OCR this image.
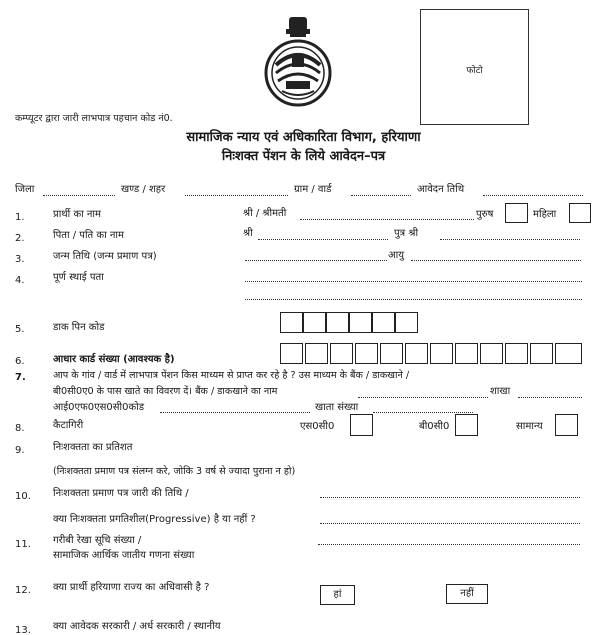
फोटो
कम्प्यूटर द्वारा जारी लाभपात्र पहचान कोड नं0.
सामाजिक न्याय एवं अधिकारिता विभाग, हरियाणा
निःशक्त पेंशन के लिये आवेदन–पत्र
जिला	खण्ड / शहर	ग्राम / वार्ड	आवेदन तिथि
1.	प्रार्थी का नाम	श्री / श्रीमती	पुरुष	महिला
2.	पिता / पति का नाम	श्री	पुत्र श्री
3.	जन्म तिथि (जन्म प्रमाण पत्र)	आयु
4.	पूर्ण स्थाई पता
5.	डाक पिन कोड
6.	आधार कार्ड संख्या (आवश्यक है)
7.	आप के गांव / वार्ड में लाभपात्र पेंशन किस माध्यम से प्राप्त कर रहे है ? उस माध्यम के बैंक / डाकखाने /
बी0सी0ए0 के पास खाते का विवरण दें। बैंक / डाकखाने का नाम	शाखा
आई0एफ0एस0सी0कोड	खाता संख्या
8.	कैटागिरी	एस0सी0	बी0सी0	सामान्य
9.	निःशक्तता का प्रतिशत
(निःशक्तता प्रमाण पत्र संलग्न करे, जोकि 3 वर्ष से ज्यादा पुराना न हो)
10. निःशक्तता प्रमाण पत्र जारी की तिथि /
क्या निःशक्तता प्रगतिशील(Progressive) है या नहीं ?
11. गरीबी रेखा सूचि संख्या /
सामाजिक आर्थिक जातीय गणना संख्या
12. क्या प्रार्थी हरियाणा राज्य का अधिवासी है ?
हां	नहीं
13. क्या आवेदक सरकारी / अर्ध सरकारी / स्थानीय
